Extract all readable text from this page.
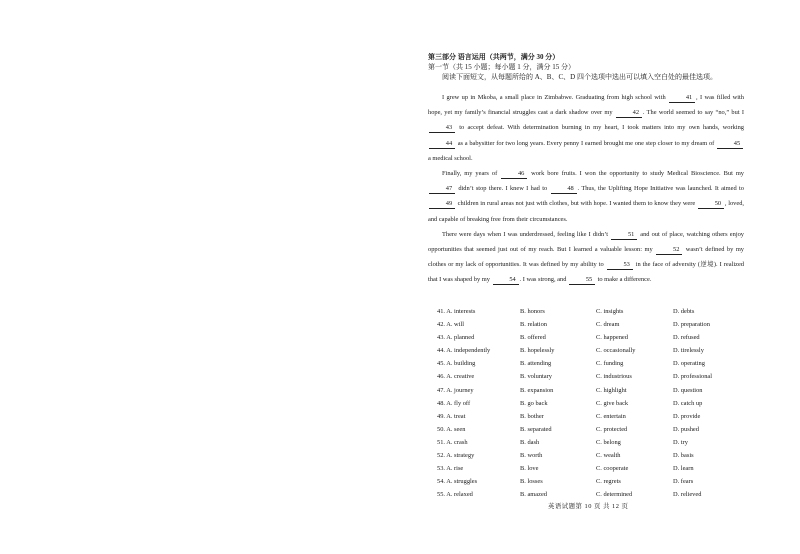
第三部分 语言运用（共两节，满分 30 分）
第一节（共 15 小题；每小题 1 分，满分 15 分）
阅读下面短文，从每题所给的 A、B、C、D 四个选项中选出可以填入空白处的最佳选项。

I grew up in Mkoba, a small place in Zimbabwe. Graduating from high school with	41 , I was filled with hope, yet my family’s financial struggles cast a dark shadow over my	42 . The world seemed to say “no,” but I 43 to accept defeat. With determination burning in my heart, I took matters into my own hands, working 44 as a babysitter for two long years. Every penny I earned brought me one step closer to my dream of	45 a medical school.

Finally, my years of	46 work bore fruits. I won the opportunity to study Medical Bioscience. But my 47 didn’t stop there. I knew I had to	48 . Thus, the Uplifting Hope Initiative was launched. It aimed to 49 children in rural areas not just with clothes, but with hope. I wanted them to know they were	50 , loved, and capable of breaking free from their circumstances.

There were days when I was underdressed, feeling like I didn’t	51 and out of place, watching others enjoy opportunities that seemed just out of my reach. But I learned a valuable lesson: my	52 wasn’t defined by my clothes or my lack of opportunities. It was defined by my ability to	53 in the face of adversity (逆境). I realized that I was shaped by my	54 . I was strong, and	55 to make a difference.

41. A. interests	B. honors	C. insights	D. debts
42. A. will	B. relation	C. dream	D. preparation
43. A. planned	B. offered	C. happened	D. refused
44. A. independently	B. hopelessly	C. occasionally	D. tirelessly
45. A. building	B. attending	C. funding	D. operating
46. A. creative	B. voluntary	C. industrious	D. professional
47. A. journey	B. expansion	C. highlight	D. question
48. A. fly off	B. go back	C. give back	D. catch up
49. A. treat	B. bother	C. entertain	D. provide
50. A. seen	B. separated	C. protected	D. pushed
51. A. crash	B. dash	C. belong	D. try
52. A. strategy	B. worth	C. wealth	D. basis
53. A. rise	B. love	C. cooperate	D. learn
54. A. struggles	B. losses	C. regrets	D. fears
55. A. relaxed	B. amazed	C. determined	D. relieved
英语试题第 10 页 共 12 页
